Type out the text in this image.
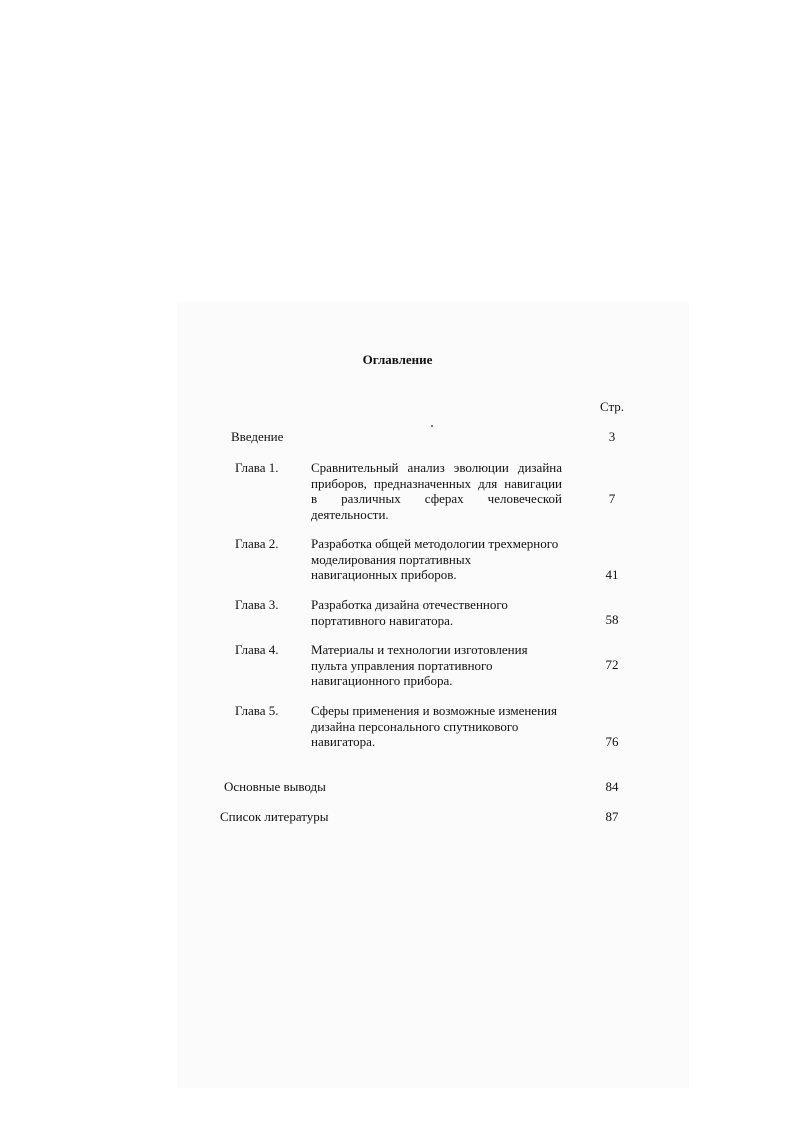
Оглавление
Стр.
Введение	3
Глава 1. Сравнительный анализ эволюции дизайна
приборов, предназначенных для навигации
в различных сферах человеческой
деятельности.
7
Глава 2. Разработка общей методологии трехмерного
моделирования портативных
навигационных приборов.	41
Глава 3. Разработка дизайна отечественного
портативного навигатора.	58
Глава 4. Материалы и технологии изготовления
пульта управления портативного
навигационного прибора.
72
Глава 5. Сферы применения и возможные изменения
дизайна персонального спутникового
навигатора.	76
Основные выводы	84
Список литературы	87
